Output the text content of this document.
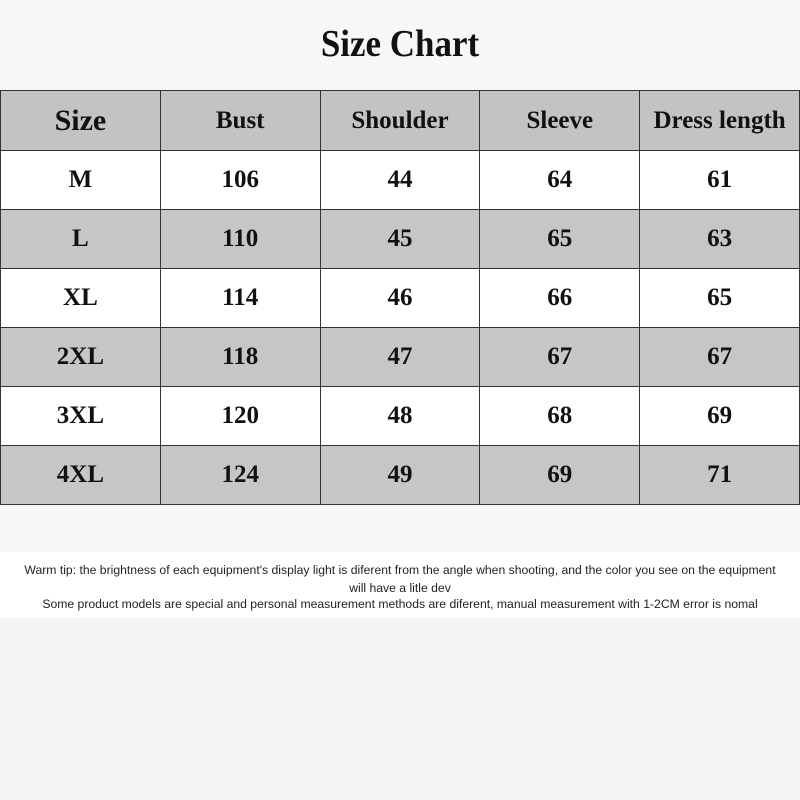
Size Chart
Size	Bust	Shoulder	Sleeve	Dress length
M	106	44	64	61
L	110	45	65	63
XL	114	46	66	65
2XL	118	47	67	67
3XL	120	48	68	69
4XL	124	49	69	71
Warm tip: the brightness of each equipment's display light is diferent from the angle when shooting, and the color you see on the equipment will have a litle dev
Some product models are special and personal measurement methods are diferent, manual measurement with 1-2CM error is nomal
